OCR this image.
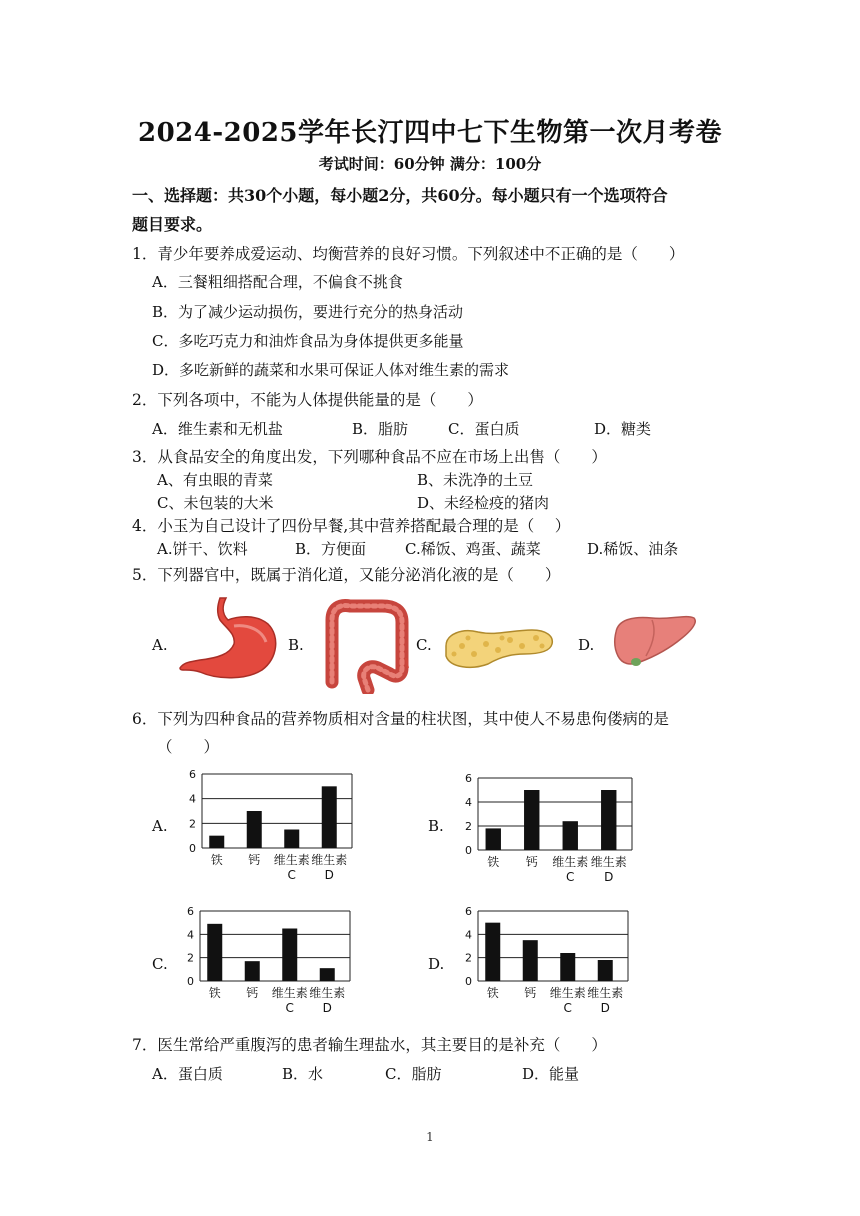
2024-2025学年长汀四中七下生物第一次月考卷
考试时间：60分钟 满分：100分
一、选择题：共30个小题，每小题2分，共60分。每小题只有一个选项符合
题目要求。
1．青少年要养成爱运动、均衡营养的良好习惯。下列叙述中不正确的是（　　）
A．三餐粗细搭配合理，不偏食不挑食
B．为了减少运动损伤，要进行充分的热身活动
C．多吃巧克力和油炸食品为身体提供更多能量
D．多吃新鲜的蔬菜和水果可保证人体对维生素的需求
2．下列各项中，不能为人体提供能量的是（　　）
A．维生素和无机盐	B．脂肪	C．蛋白质	D．糖类
3．从食品安全的角度出发，下列哪种食品不应在市场上出售（　　）
A、有虫眼的青菜	B、未洗净的土豆
C、未包装的大米	D、未经检疫的猪肉
4．小玉为自己设计了四份早餐,其中营养搭配最合理的是（　 ）
A.饼干、饮料	B．方便面	C.稀饭、鸡蛋、蔬菜	D.稀饭、油条
5．下列器官中，既属于消化道，又能分泌消化液的是（　　）
A.	B.	C.	D.
6．下列为四种食品的营养物质相对含量的柱状图，其中使人不易患佝偻病的是
（　　）
A.	B.
C.	D.
0
2
4
6
铁 钙 维生素
C
维生素
D
0
2
4
6
铁 钙 维生素
C
维生素
D
0
2
4
6
铁 钙 维生素
C
维生素
D
0
2
4
6
铁 钙 维生素
C
维生素
D
7．医生常给严重腹泻的患者输生理盐水，其主要目的是补充（　　）
A．蛋白质	B．水	C．脂肪	D．能量
1
